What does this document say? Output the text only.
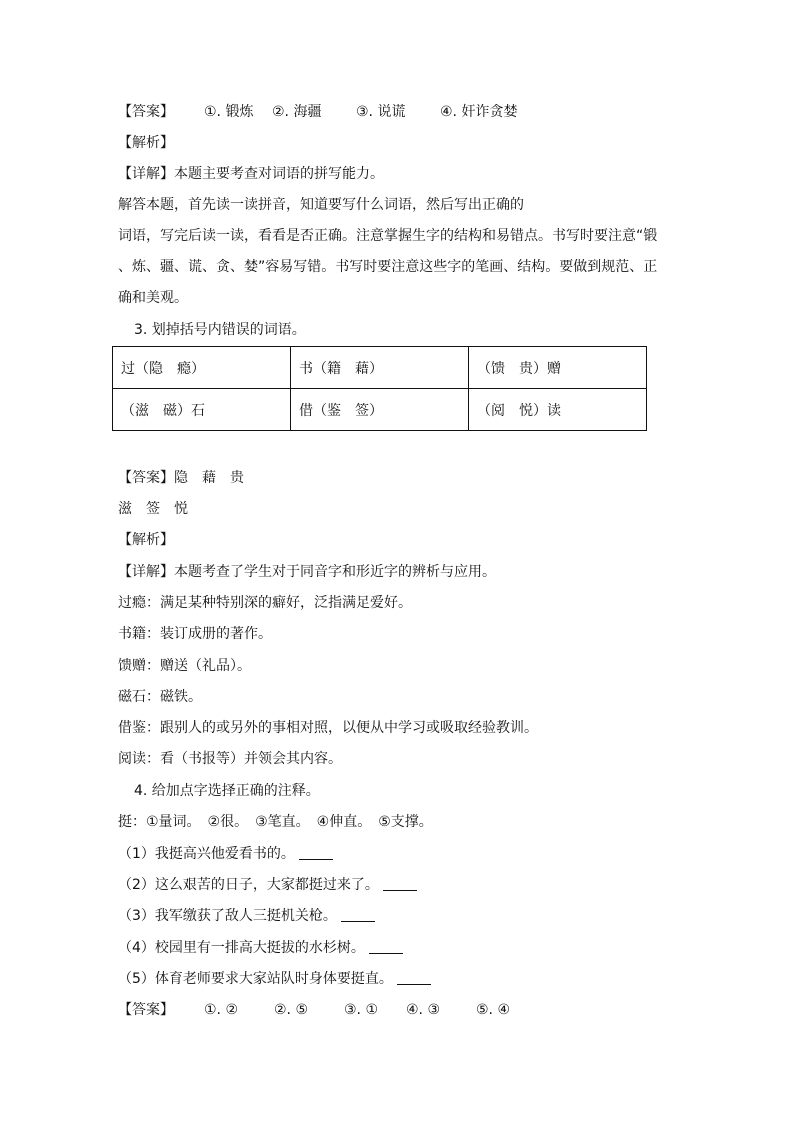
【答案】 ①. 锻炼 ②. 海疆 ③. 说谎 ④. 奸诈贪婪
【解析】
【详解】本题主要考查对词语的拼写能力。
解答本题，首先读一读拼音，知道要写什么词语，然后写出正确的
词语，写完后读一读，看看是否正确。注意掌握生字的结构和易错点。书写时要注意“锻
、炼、疆、谎、贪、婪”容易写错。书写时要注意这些字的笔画、结构。要做到规范、正
确和美观。
3. 划掉括号内错误的词语。
过（隐　瘾）	书（籍　藉）	（馈　贵）赠
（滋　磁）石	借（鉴　签）	（阅　悦）读
【答案】隐　藉　贵
滋　签　悦
【解析】
【详解】本题考查了学生对于同音字和形近字的辨析与应用。
过瘾：满足某种特别深的癖好，泛指满足爱好。
书籍：装订成册的著作。
馈赠：赠送（礼品）。
磁石：磁铁。
借鉴：跟别人的或另外的事相对照，以便从中学习或吸取经验教训。
阅读：看（书报等）并领会其内容。
4. 给加点字选择正确的注释。
挺：①量词。　②很。　③笔直。　④伸直。　⑤支撑。
（1）我挺高兴他爱看书的。
（2）这么艰苦的日子，大家都挺过来了。
（3）我军缴获了敌人三挺机关枪。
（4）校园里有一排高大挺拔的水杉树。
（5）体育老师要求大家站队时身体要挺直。
【答案】 ①. ②	②. ⑤	③. ① ④. ③	⑤. ④
